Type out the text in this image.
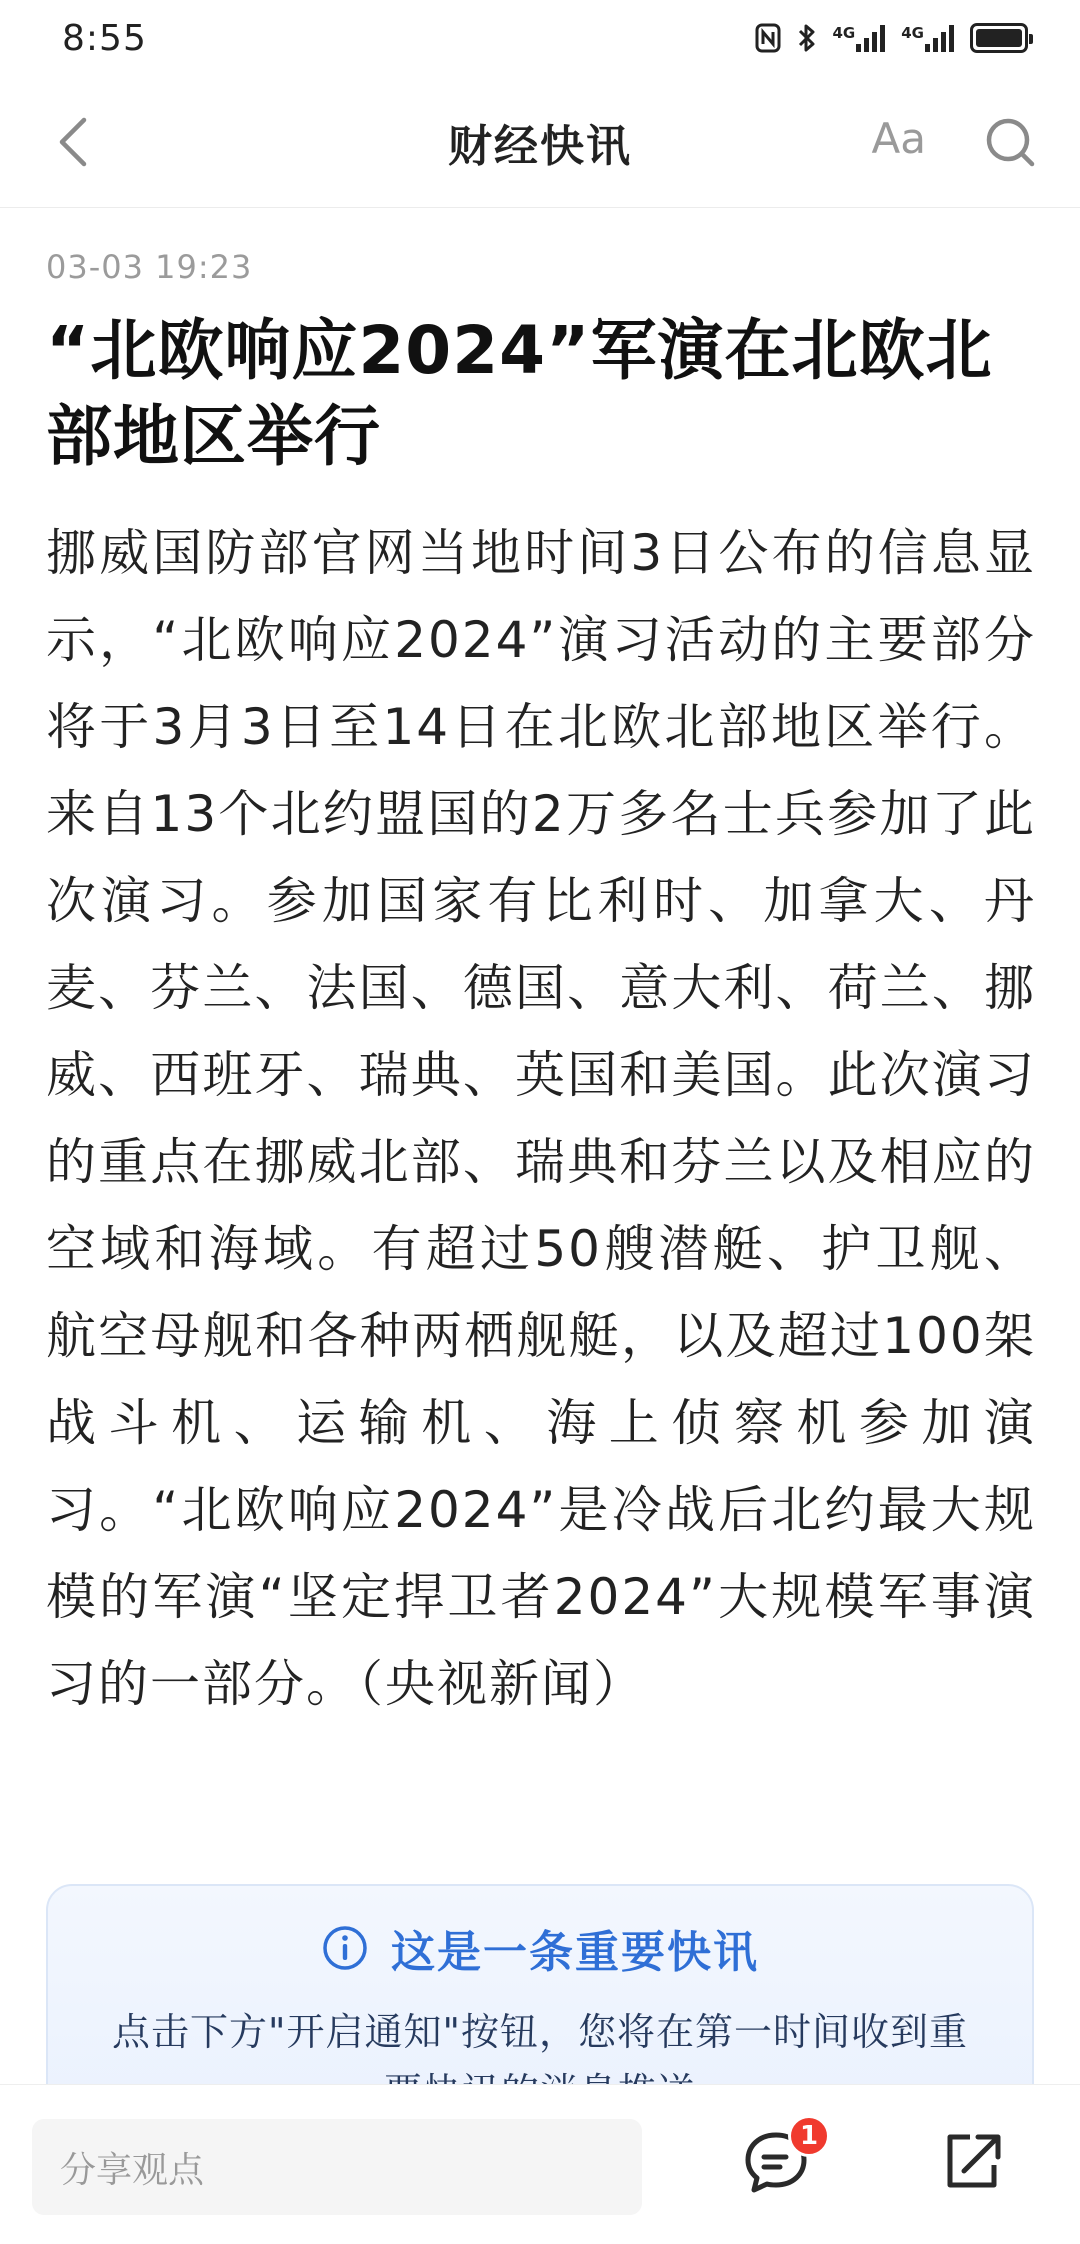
8:55	4G	4G
财经快讯	Aa
03-03 19:23
“北欧响应2024”军演在北欧北部地区举行

挪威国防部官网当地时间3日公布的信息显示，“北欧响应2024”演习活动的主要部分将于3月3日至14日在北欧北部地区举行。来自13个北约盟国的2万多名士兵参加了此次演习。参加国家有比利时、加拿大、丹麦、芬兰、法国、德国、意大利、荷兰、挪威、西班牙、瑞典、英国和美国。此次演习的重点在挪威北部、瑞典和芬兰以及相应的空域和海域。有超过50艘潜艇、护卫舰、航空母舰和各种两栖舰艇，以及超过100架战斗机、运输机、海上侦察机参加演习。“北欧响应2024”是冷战后北约最大规模的军演“坚定捍卫者2024”大规模军事演习的一部分。（央视新闻）

这是一条重要快讯

点击下方"开启通知"按钮，您将在第一时间收到重

分享观点
1
